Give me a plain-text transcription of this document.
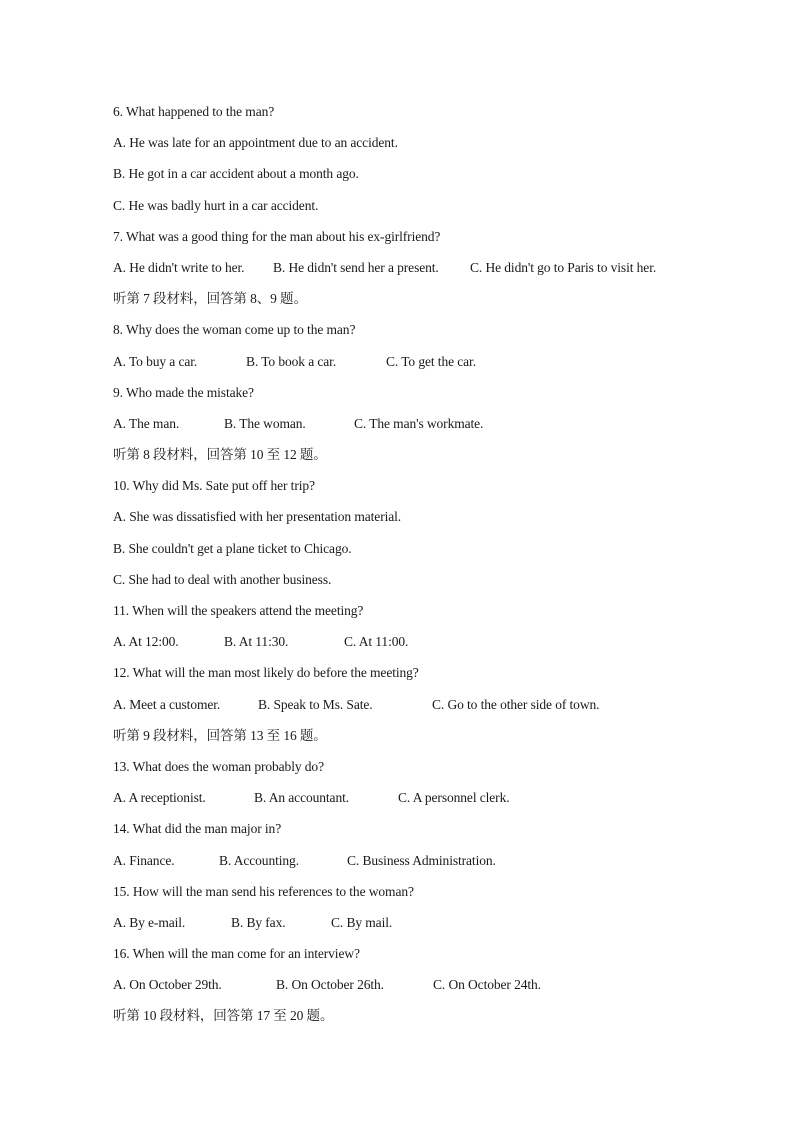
6. What happened to the man?
A. He was late for an appointment due to an accident.
B. He got in a car accident about a month ago.
C. He was badly hurt in a car accident.
7. What was a good thing for the man about his ex-girlfriend?
A. He didn't write to her.	B. He didn't send her a present.	C. He didn't go to Paris to visit her.
听第 7 段材料，回答第 8、9 题。
8. Why does the woman come up to the man?
A. To buy a car.	B. To book a car.	C. To get the car.
9. Who made the mistake?
A. The man.	B. The woman.	C. The man's workmate.
听第 8 段材料，回答第 10 至 12 题。
10. Why did Ms. Sate put off her trip?
A. She was dissatisfied with her presentation material.
B. She couldn't get a plane ticket to Chicago.
C. She had to deal with another business.
11. When will the speakers attend the meeting?
A. At 12:00.	B. At 11:30.	C. At 11:00.
12. What will the man most likely do before the meeting?
A. Meet a customer.	B. Speak to Ms. Sate.	C. Go to the other side of town.
听第 9 段材料，回答第 13 至 16 题。
13. What does the woman probably do?
A. A receptionist.	B. An accountant.	C. A personnel clerk.
14. What did the man major in?
A. Finance.	B. Accounting.	C. Business Administration.
15. How will the man send his references to the woman?
A. By e-mail.	B. By fax.	C. By mail.
16. When will the man come for an interview?
A. On October 29th.	B. On October 26th.	C. On October 24th.
听第 10 段材料，回答第 17 至 20 题。
